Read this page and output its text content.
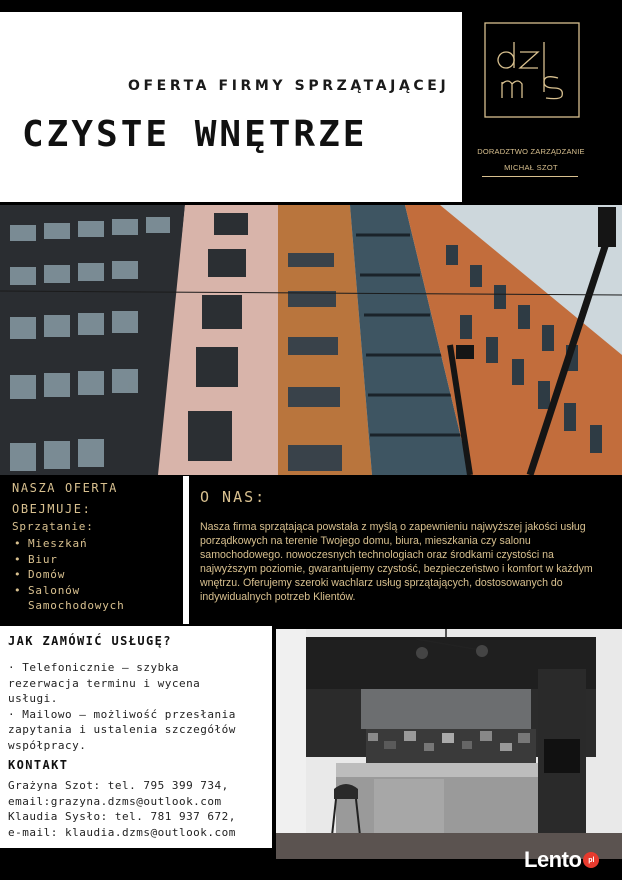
OFERTA FIRMY SPRZĄTAJĄCEJ
CZYSTE WNĘTRZE	DORADZTWO ZARZĄDZANIE
MICHAŁ SZOT
NASZA OFERTA
OBEJMUJE:
Sprzątanie:
• Mieszkań
• Biur
• Domów
• Salonów
Samochodowych
O NAS:
Nasza firma sprzątająca powstała z myślą o zapewnieniu najwyższej jakości usług porządkowych na terenie Twojego domu, biura, mieszkania czy salonu samochodowego. nowoczesnych technologiach oraz środkami czystości na najwyższym poziomie, gwarantujemy czystość, bezpieczeństwo i komfort w każdym wnętrzu. Oferujemy szeroki wachlarz usług sprzątających, dostosowanych do indywidualnych potrzeb Klientów.
JAK ZAMÓWIĆ USŁUGĘ?
· Telefonicznie – szybka
rezerwacja terminu i wycena
usługi.
· Mailowo – możliwość przesłania
zapytania i ustalenia szczegółów
współpracy.
KONTAKT
Grażyna Szot: tel. 795 399 734,
email:grazyna.dzms@outlook.com
Klaudia Sysło: tel. 781 937 672,
e-mail: klaudia.dzms@outlook.com
Lento pl
